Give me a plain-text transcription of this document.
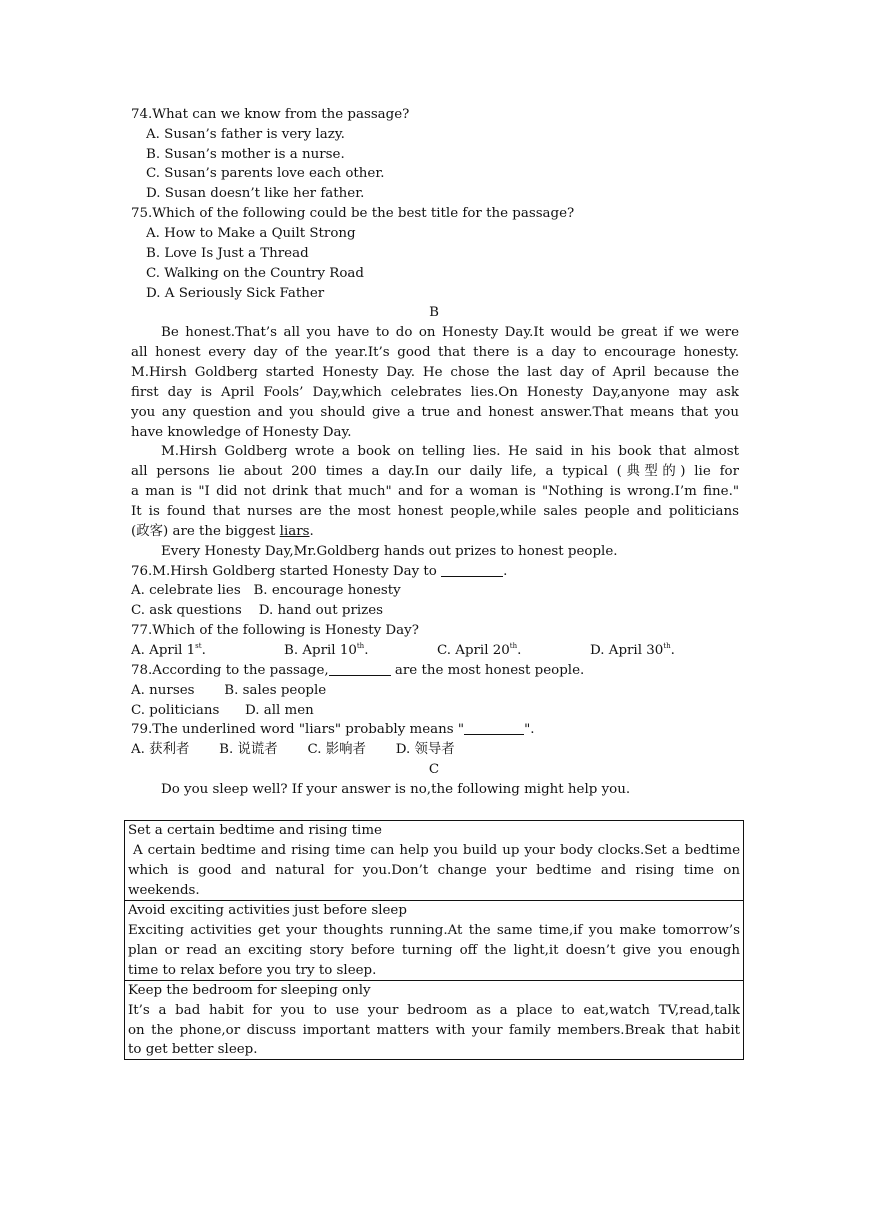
74.What can we know from the passage?
A. Susan’s father is very lazy.
B. Susan’s mother is a nurse.
C. Susan’s parents love each other.
D. Susan doesn’t like her father.
75.Which of the following could be the best title for the passage?
A. How to Make a Quilt Strong
B. Love Is Just a Thread
C. Walking on the Country Road
D. A Seriously Sick Father
B
Be honest.That’s all you have to do on Honesty Day.It would be great if we were
all honest every day of the year.It’s good that there is a day to encourage honesty.
M.Hirsh Goldberg started Honesty Day. He chose the last day of April because the
first day is April Fools’ Day,which celebrates lies.On Honesty Day,anyone may ask
you any question and you should give a true and honest answer.That means that you
have knowledge of Honesty Day.
M.Hirsh Goldberg wrote a book on telling lies. He said in his book that almost
all persons lie about 200 times a day.In our daily life, a typical (典型的) lie for
a man is "I did not drink that much" and for a woman is "Nothing is wrong.I’m fine."
It is found that nurses are the most honest people,while sales people and politicians
(政客) are the biggest liars.
Every Honesty Day,Mr.Goldberg hands out prizes to honest people.
76.M.Hirsh Goldberg started Honesty Day to	.
A. celebrate lies   B. encourage honesty
C. ask questions    D. hand out prizes
77.Which of the following is Honesty Day?
A. April 1st.	B. April 10th.	C. April 20th.	D. April 30th.
78.According to the passage,	are the most honest people.
A. nurses       B. sales people
C. politicians      D. all men
79.The underlined word "liars" probably means "	".
A. 获利者       B. 说谎者       C. 影响者       D. 领导者
C
Do you sleep well? If your answer is no,the following might help you.
Set a certain bedtime and rising time
A certain bedtime and rising time can help you build up your body clocks.Set a bedtime
which is good and natural for you.Don’t change your bedtime and rising time on
weekends.
Avoid exciting activities just before sleep
Exciting activities get your thoughts running.At the same time,if you make tomorrow’s
plan or read an exciting story before turning off the light,it doesn’t give you enough
time to relax before you try to sleep.
Keep the bedroom for sleeping only
It’s a bad habit for you to use your bedroom as a place to eat,watch TV,read,talk
on the phone,or discuss important matters with your family members.Break that habit
to get better sleep.
